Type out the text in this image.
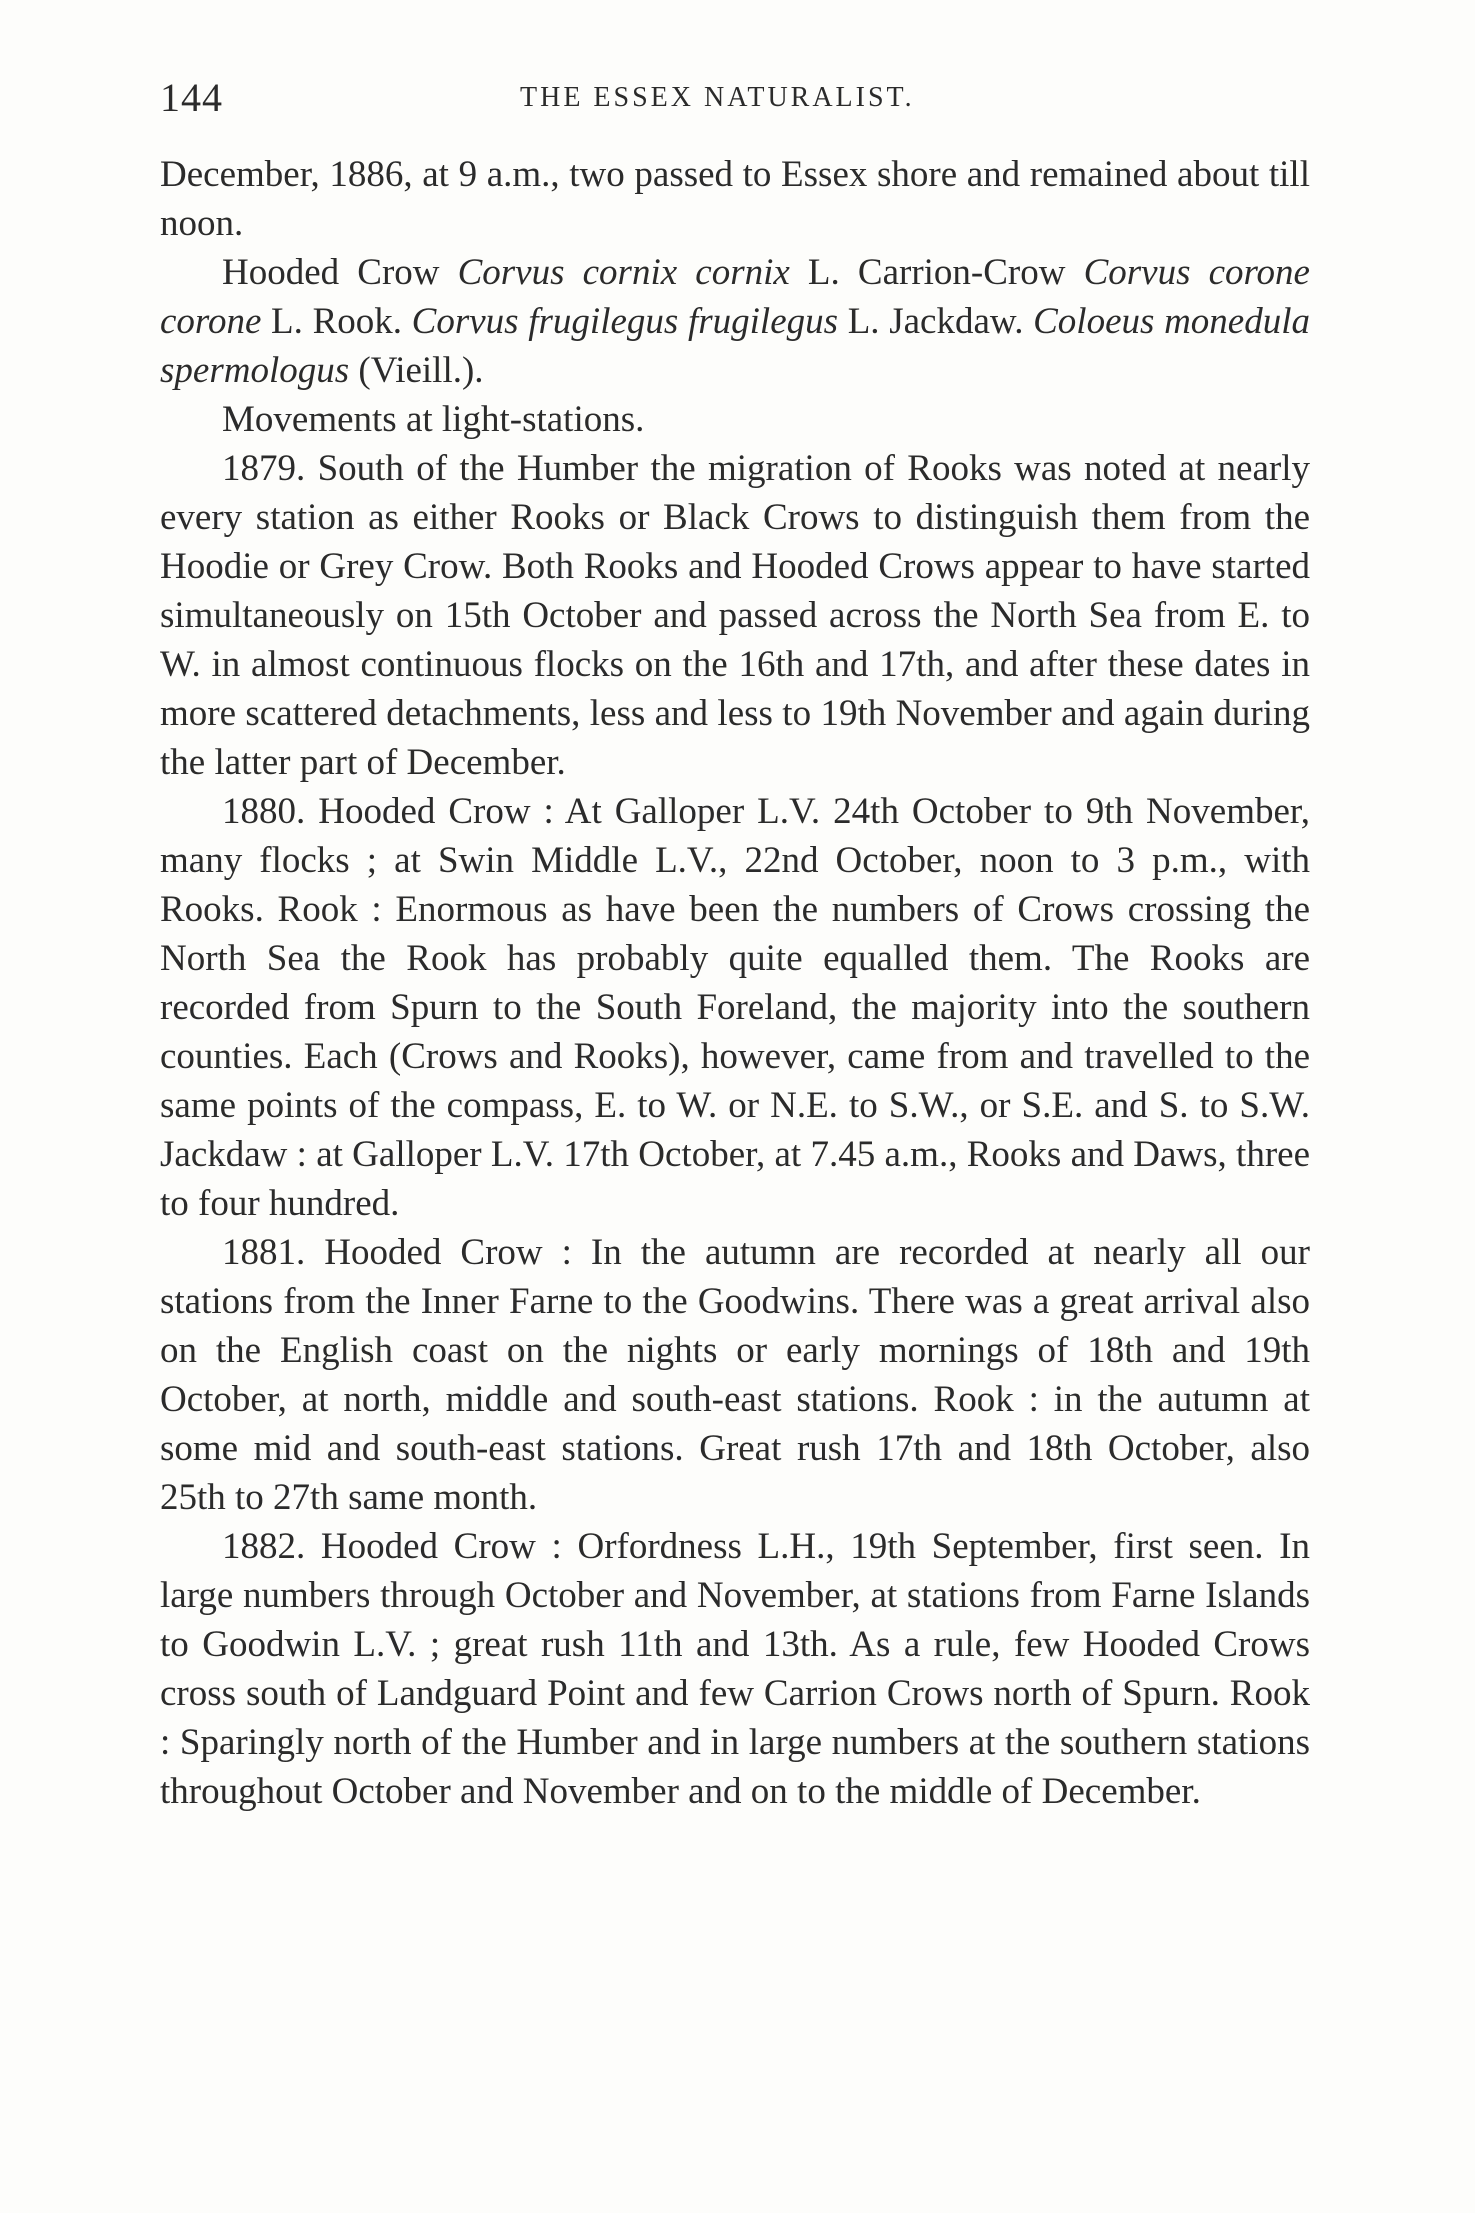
144	THE ESSEX NATURALIST.

December, 1886, at 9 a.m., two passed to Essex shore and remained about till noon.

Hooded Crow Corvus cornix cornix L. Carrion-Crow Corvus corone corone L. Rook. Corvus frugilegus frugilegus L. Jackdaw. Coloeus monedula spermologus (Vieill.).

Movements at light-stations.

1879. South of the Humber the migration of Rooks was noted at nearly every station as either Rooks or Black Crows to distinguish them from the Hoodie or Grey Crow. Both Rooks and Hooded Crows appear to have started simultaneously on 15th October and passed across the North Sea from E. to W. in almost continuous flocks on the 16th and 17th, and after these dates in more scattered detachments, less and less to 19th November and again during the latter part of December.

1880. Hooded Crow : At Galloper L.V. 24th October to 9th November, many flocks ; at Swin Middle L.V., 22nd October, noon to 3 p.m., with Rooks. Rook : Enormous as have been the numbers of Crows crossing the North Sea the Rook has probably quite equalled them. The Rooks are recorded from Spurn to the South Foreland, the majority into the southern counties. Each (Crows and Rooks), however, came from and travelled to the same points of the compass, E. to W. or N.E. to S.W., or S.E. and S. to S.W. Jackdaw : at Galloper L.V. 17th October, at 7.45 a.m., Rooks and Daws, three to four hundred.

1881. Hooded Crow : In the autumn are recorded at nearly all our stations from the Inner Farne to the Goodwins. There was a great arrival also on the English coast on the nights or early mornings of 18th and 19th October, at north, middle and south-east stations. Rook : in the autumn at some mid and south-east stations. Great rush 17th and 18th October, also 25th to 27th same month.

1882. Hooded Crow : Orfordness L.H., 19th September, first seen. In large numbers through October and November, at stations from Farne Islands to Goodwin L.V. ; great rush 11th and 13th. As a rule, few Hooded Crows cross south of Landguard Point and few Carrion Crows north of Spurn. Rook : Sparingly north of the Humber and in large numbers at the southern stations throughout October and November and on to the middle of December.
